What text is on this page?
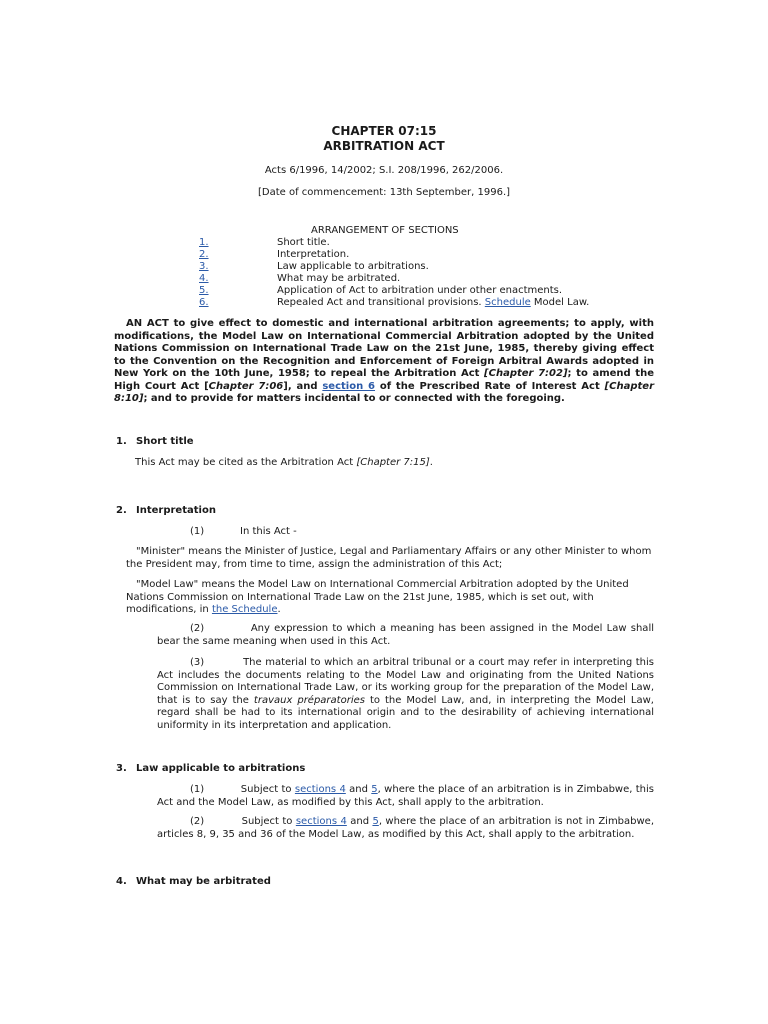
CHAPTER 07:15
ARBITRATION ACT
Acts 6/1996, 14/2002; S.I. 208/1996, 262/2006.
[Date of commencement: 13th September, 1996.]
ARRANGEMENT OF SECTIONS
1.	Short title.
2.	Interpretation.
3.	Law applicable to arbitrations.
4.	What may be arbitrated.
5.	Application of Act to arbitration under other enactments.
6.	Repealed Act and transitional provisions. Schedule Model Law.
AN ACT to give effect to domestic and international arbitration agreements; to apply, with modifications, the Model Law on International Commercial Arbitration adopted by the United Nations Commission on International Trade Law on the 21st June, 1985, thereby giving effect to the Convention on the Recognition and Enforcement of Foreign Arbitral Awards adopted in New York on the 10th June, 1958; to repeal the Arbitration Act [Chapter 7:02]; to amend the High Court Act [Chapter 7:06], and section 6 of the Prescribed Rate of Interest Act [Chapter 8:10]; and to provide for matters incidental to or connected with the foregoing.
1. Short title
This Act may be cited as the Arbitration Act [Chapter 7:15].
2. Interpretation
(1)	In this Act -
"Minister" means the Minister of Justice, Legal and Parliamentary Affairs or any other Minister to whom the President may, from time to time, assign the administration of this Act;
"Model Law" means the Model Law on International Commercial Arbitration adopted by the United Nations Commission on International Trade Law on the 21st June, 1985, which is set out, with modifications, in the Schedule.
(2)	Any expression to which a meaning has been assigned in the Model Law shall bear the same meaning when used in this Act.
(3)	The material to which an arbitral tribunal or a court may refer in interpreting this Act includes the documents relating to the Model Law and originating from the United Nations Commission on International Trade Law, or its working group for the preparation of the Model Law, that is to say the travaux préparatories to the Model Law, and, in interpreting the Model Law, regard shall be had to its international origin and to the desirability of achieving international uniformity in its interpretation and application.
3. Law applicable to arbitrations
(1)	Subject to sections 4 and 5, where the place of an arbitration is in Zimbabwe, this Act and the Model Law, as modified by this Act, shall apply to the arbitration.
(2)	Subject to sections 4 and 5, where the place of an arbitration is not in Zimbabwe, articles 8, 9, 35 and 36 of the Model Law, as modified by this Act, shall apply to the arbitration.
4. What may be arbitrated
